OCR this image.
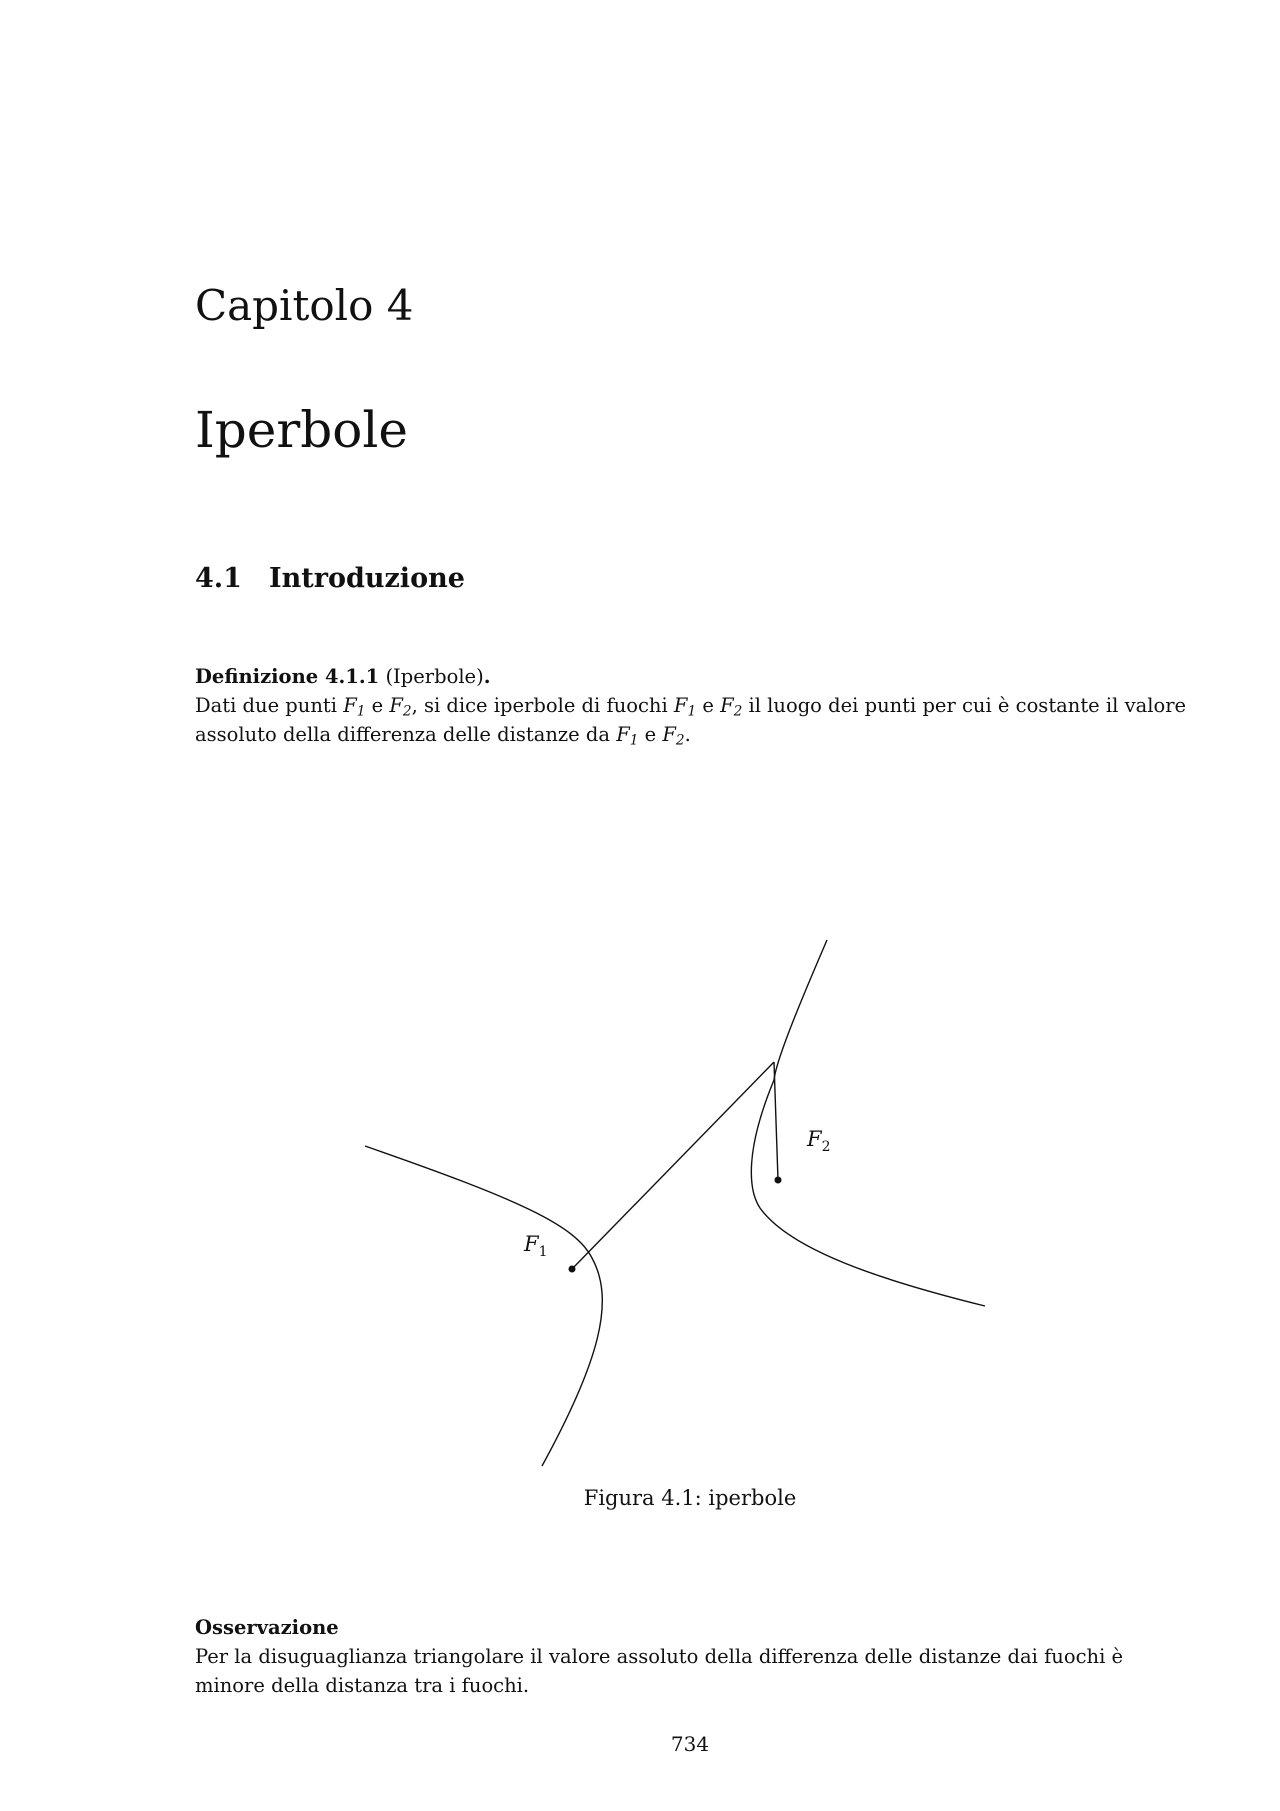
Capitolo 4
Iperbole
4.1 Introduzione
Definizione 4.1.1 (Iperbole).
Dati due punti $F_1$ e $F_2$, si dice iperbole di fuochi $F_1$ e $F_2$ il luogo dei punti per cui è costante il valore assoluto della differenza delle distanze da $F_1$ e $F_2$.
$F_1$
$F_2$
Figura 4.1: iperbole
Osservazione
Per la disuguaglianza triangolare il valore assoluto della differenza delle distanze dai fuochi è minore della distanza tra i fuochi.
734
